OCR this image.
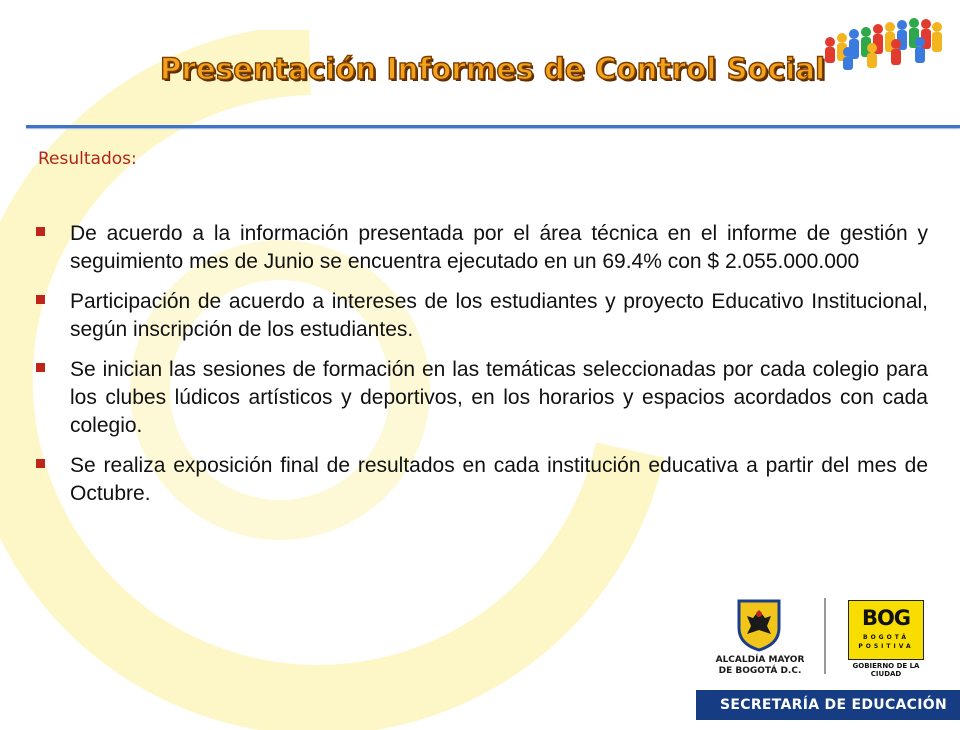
Presentación Informes de Control Social
Resultados:
De acuerdo a la información presentada por el área técnica en el informe de gestión y seguimiento mes de Junio se encuentra ejecutado en un 69.4% con $ 2.055.000.000
Participación de acuerdo a intereses de los estudiantes y proyecto Educativo Institucional, según inscripción de los estudiantes.
Se inician las sesiones de formación en las temáticas seleccionadas por cada colegio para los clubes lúdicos artísticos y deportivos, en los horarios y espacios acordados con cada colegio.
Se realiza exposición final de resultados en cada institución educativa a partir del mes de Octubre.
ALCALDÍA MAYOR
DE BOGOTÁ D.C.
BOG
BOGOTÁ
POSITIVA
GOBIERNO DE LA CIUDAD
SECRETARÍA DE EDUCACIÓN
